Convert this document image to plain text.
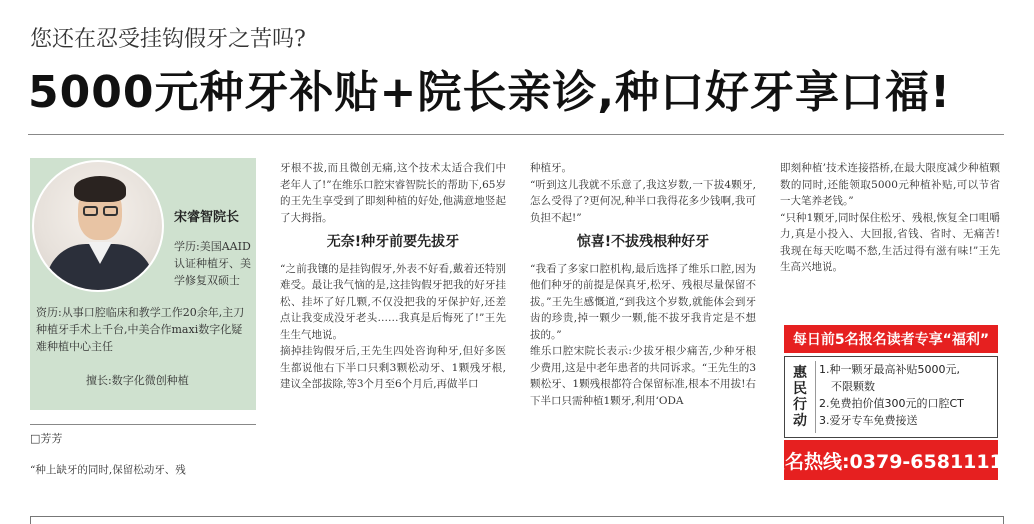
您还在忍受挂钩假牙之苦吗?
5000元种牙补贴+院长亲诊,种口好牙享口福!
宋睿智院长
学历:美国AAID认证种植牙、美学修复双硕士
资历:从事口腔临床和教学工作20余年,主刀种植牙手术上千台,中美合作maxi数字化疑难种植中心主任
擅长:数字化微创种植
□芳芳

“种上缺牙的同时,保留松动牙、残

牙根不拔,而且微创无痛,这个技术太适合我们中老年人了!”在维乐口腔宋睿智院长的帮助下,65岁的王先生享受到了即刻种植的好处,他满意地竖起了大拇指。

无奈!种牙前要先拔牙

“之前我镶的是挂钩假牙,外表不好看,戴着还特别难受。最让我气恼的是,这挂钩假牙把我的好牙挂松、挂坏了好几颗,不仅没把我的牙保护好,还差点让我变成没牙老头……我真是后悔死了!”王先生生气地说。

摘掉挂钩假牙后,王先生四处咨询种牙,但好多医生都说他右下半口只剩3颗松动牙、1颗残牙根,建议全部拔除,等3个月至6个月后,再做半口

种植牙。

“听到这儿我就不乐意了,我这岁数,一下拔4颗牙,怎么受得了?更何况,种半口我得花多少钱啊,我可负担不起!”

惊喜!不拔残根种好牙

“我看了多家口腔机构,最后选择了维乐口腔,因为他们种牙的前提是保真牙,松牙、残根尽量保留不拔。”王先生感慨道,“到我这个岁数,就能体会到牙齿的珍贵,掉一颗少一颗,能不拔牙我肯定是不想拔的。”

维乐口腔宋院长表示:少拔牙根少痛苦,少种牙根少费用,这是中老年患者的共同诉求。“王先生的3颗松牙、1颗残根都符合保留标准,根本不用拔!右下半口只需种植1颗牙,利用‘ODA

即刻种植’技术连接搭桥,在最大限度减少种植颗数的同时,还能领取5000元种植补贴,可以节省一大笔养老钱。”

“只种1颗牙,同时保住松牙、残根,恢复全口咀嚼力,真是小投入、大回报,省钱、省时、无痛苦!我现在每天吃喝不愁,生活过得有滋有味!”王先生高兴地说。

每日前5名报名读者专享“福利”
惠
民
行
动
1.种一颗牙最高补贴5000元,
不限颗数
2.免费拍价值300元的口腔CT
3.爱牙专车免费接送
报名热线:0379-65811111
